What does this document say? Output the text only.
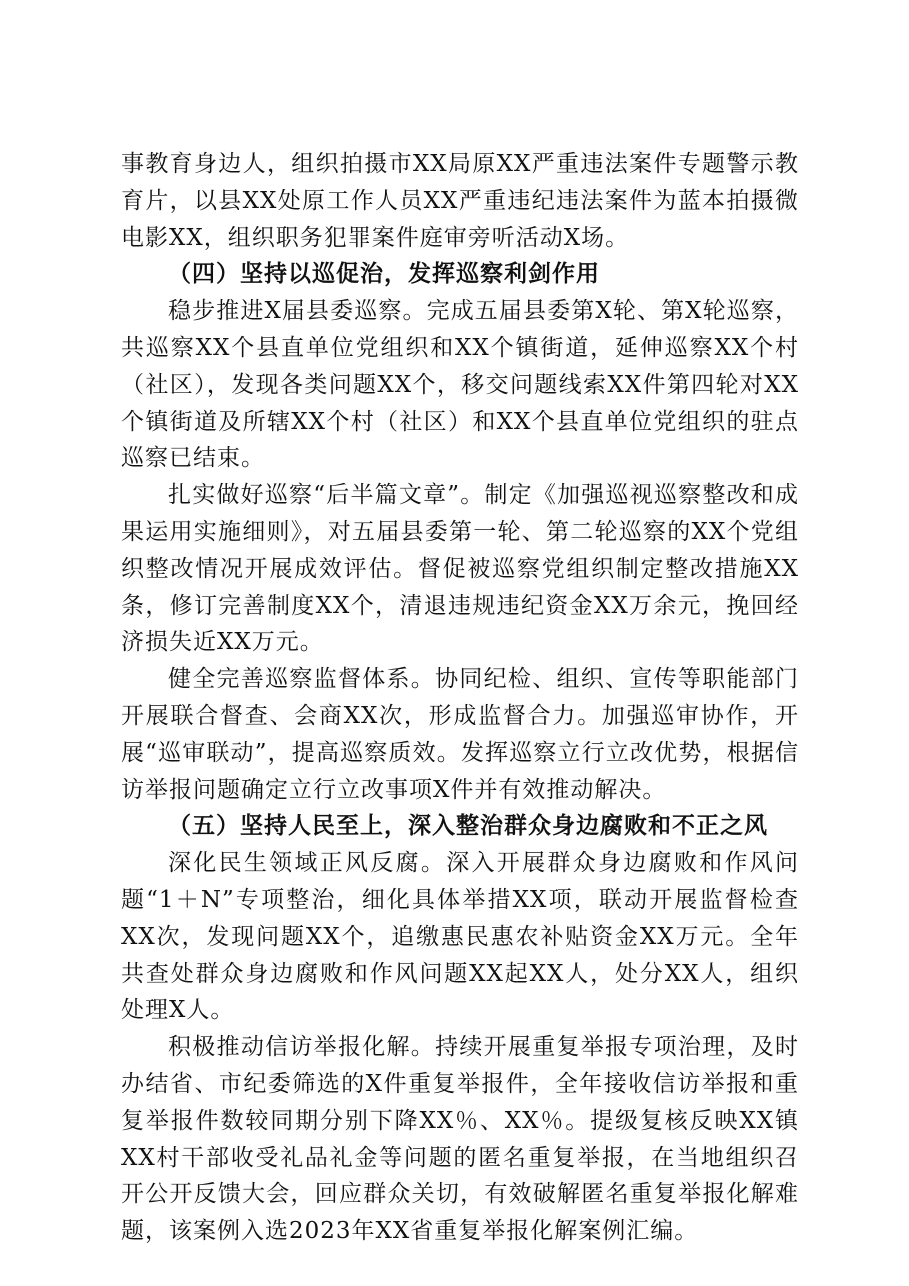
事教育身边人，组织拍摄市XX局原XX严重违法案件专题警示教育片，以县XX处原工作人员XX严重违纪违法案件为蓝本拍摄微电影XX，组织职务犯罪案件庭审旁听活动X场。

（四）坚持以巡促治，发挥巡察利剑作用

稳步推进X届县委巡察。完成五届县委第X轮、第X轮巡察，共巡察XX个县直单位党组织和XX个镇街道，延伸巡察XX个村（社区），发现各类问题XX个，移交问题线索XX件第四轮对XX个镇街道及所辖XX个村（社区）和XX个县直单位党组织的驻点巡察已结束。

扎实做好巡察“后半篇文章”。制定《加强巡视巡察整改和成果运用实施细则》，对五届县委第一轮、第二轮巡察的XX个党组织整改情况开展成效评估。督促被巡察党组织制定整改措施XX条，修订完善制度XX个，清退违规违纪资金XX万余元，挽回经济损失近XX万元。

健全完善巡察监督体系。协同纪检、组织、宣传等职能部门开展联合督查、会商XX次，形成监督合力。加强巡审协作，开展“巡审联动”，提高巡察质效。发挥巡察立行立改优势，根据信访举报问题确定立行立改事项X件并有效推动解决。

（五）坚持人民至上，深入整治群众身边腐败和不正之风

深化民生领域正风反腐。深入开展群众身边腐败和作风问题“1＋N”专项整治，细化具体举措XX项，联动开展监督检查XX次，发现问题XX个，追缴惠民惠农补贴资金XX万元。全年共查处群众身边腐败和作风问题XX起XX人，处分XX人，组织处理X人。

积极推动信访举报化解。持续开展重复举报专项治理，及时办结省、市纪委筛选的X件重复举报件，全年接收信访举报和重复举报件数较同期分别下降XX％、XX％。提级复核反映XX镇XX村干部收受礼品礼金等问题的匿名重复举报，在当地组织召开公开反馈大会，回应群众关切，有效破解匿名重复举报化解难题，该案例入选2023年XX省重复举报化解案例汇编。
